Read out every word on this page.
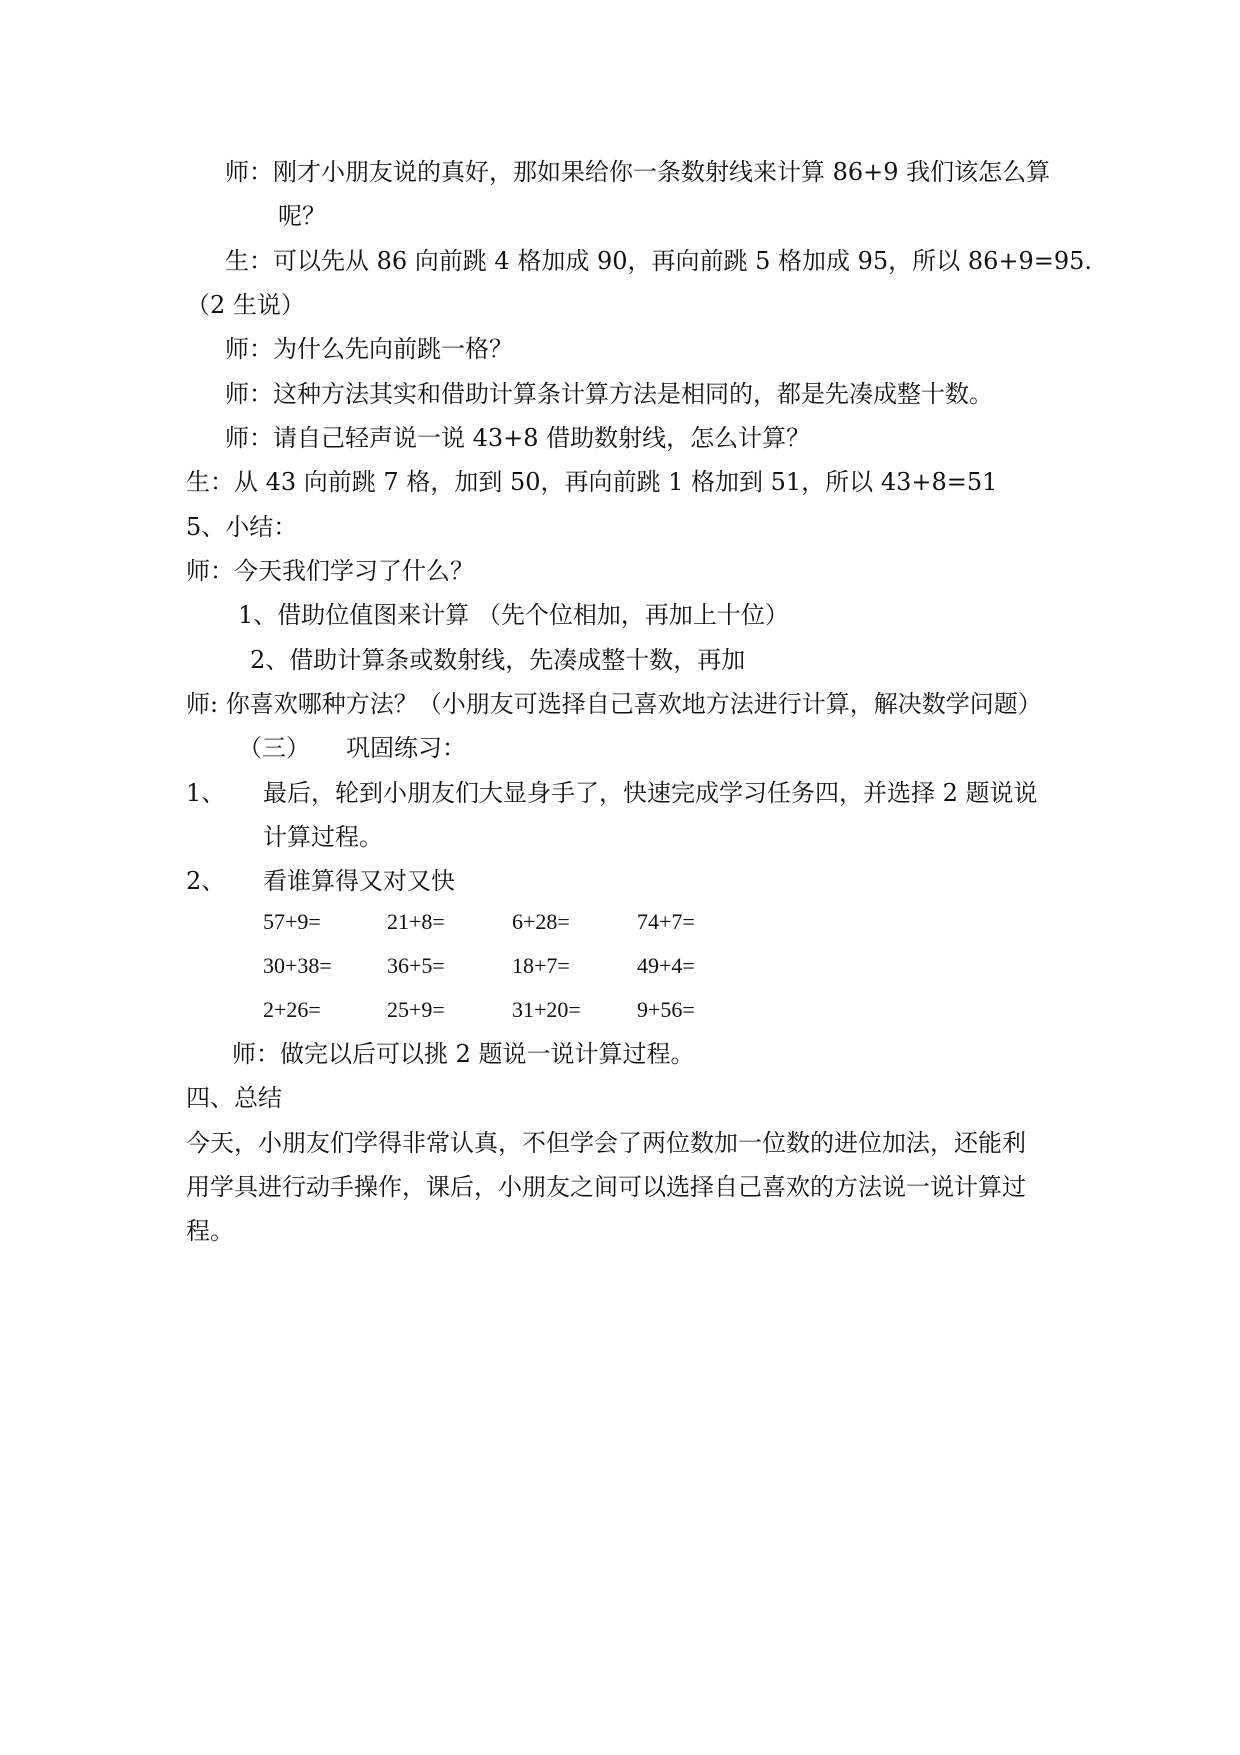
师：刚才小朋友说的真好，那如果给你一条数射线来计算 86+9 我们该怎么算
呢？
生：可以先从 86 向前跳 4 格加成 90，再向前跳 5 格加成 95，所以 86+9=95.
（2 生说）
师：为什么先向前跳一格？
师：这种方法其实和借助计算条计算方法是相同的，都是先凑成整十数。
师：请自己轻声说一说 43+8 借助数射线，怎么计算？
生：从 43 向前跳 7 格，加到 50，再向前跳 1 格加到 51，所以 43+8=51
5、小结：
师：今天我们学习了什么？
1、借助位值图来计算 （先个位相加，再加上十位）
2、借助计算条或数射线，先凑成整十数，再加
师: 你喜欢哪种方法？（小朋友可选择自己喜欢地方法进行计算，解决数学问题）
（三）　　巩固练习：
1、 最后，轮到小朋友们大显身手了，快速完成学习任务四，并选择 2 题说说
计算过程。
2、 看谁算得又对又快
57+9=	21+8=	6+28=	74+7=
30+38=	36+5=	18+7=	49+4=
2+26=	25+9=	31+20=	9+56=
师：做完以后可以挑 2 题说一说计算过程。
四、总结
今天，小朋友们学得非常认真，不但学会了两位数加一位数的进位加法，还能利
用学具进行动手操作，课后，小朋友之间可以选择自己喜欢的方法说一说计算过
程。
